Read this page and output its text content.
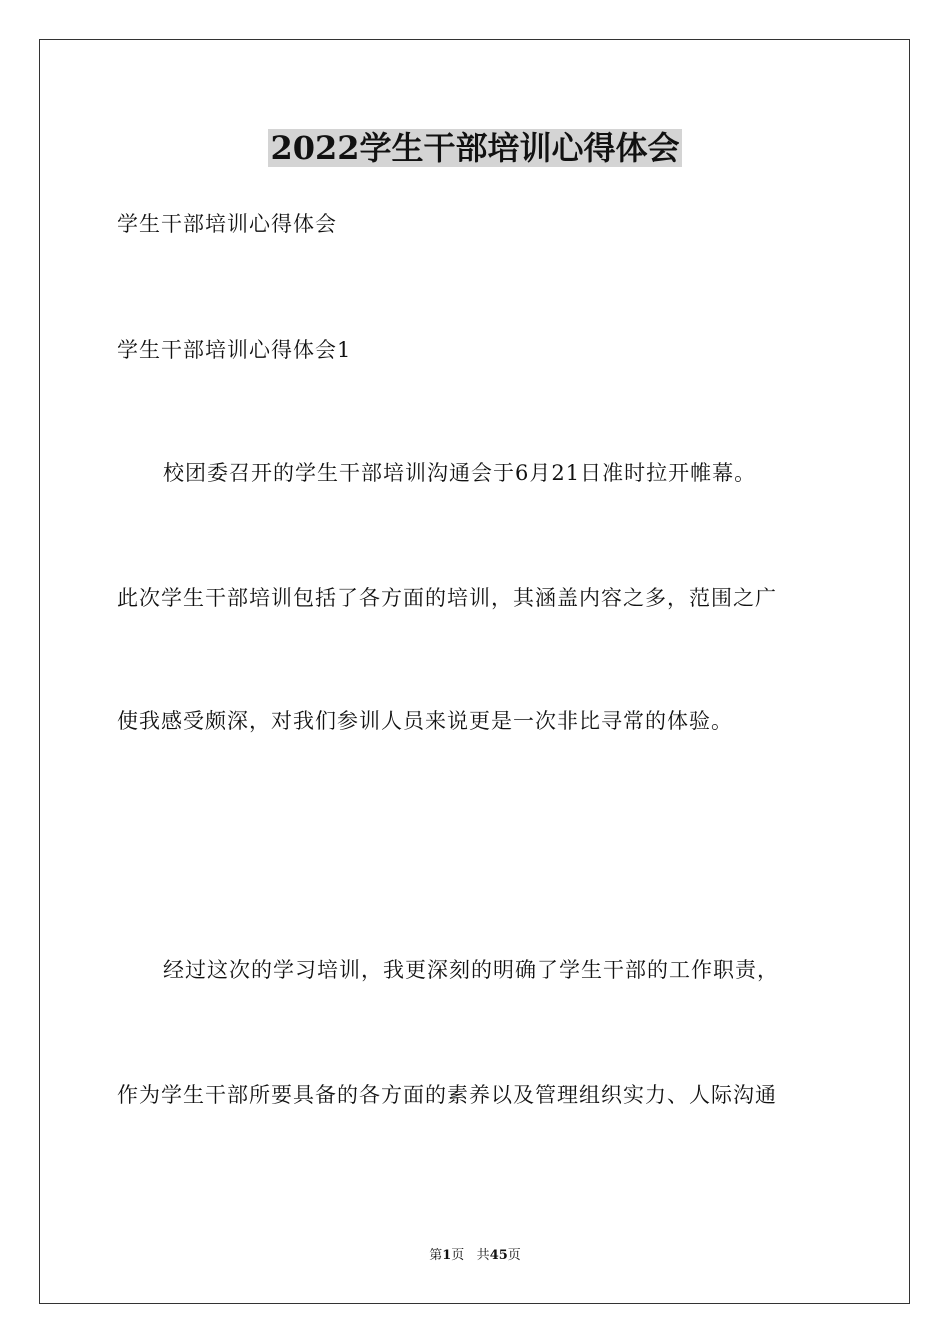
2022学生干部培训心得体会
学生干部培训心得体会
学生干部培训心得体会1
校团委召开的学生干部培训沟通会于6月21日准时拉开帷幕。
此次学生干部培训包括了各方面的培训，其涵盖内容之多，范围之广
使我感受颇深，对我们参训人员来说更是一次非比寻常的体验。
经过这次的学习培训，我更深刻的明确了学生干部的工作职责，
作为学生干部所要具备的各方面的素养以及管理组织实力、人际沟通
第1页 共45页
